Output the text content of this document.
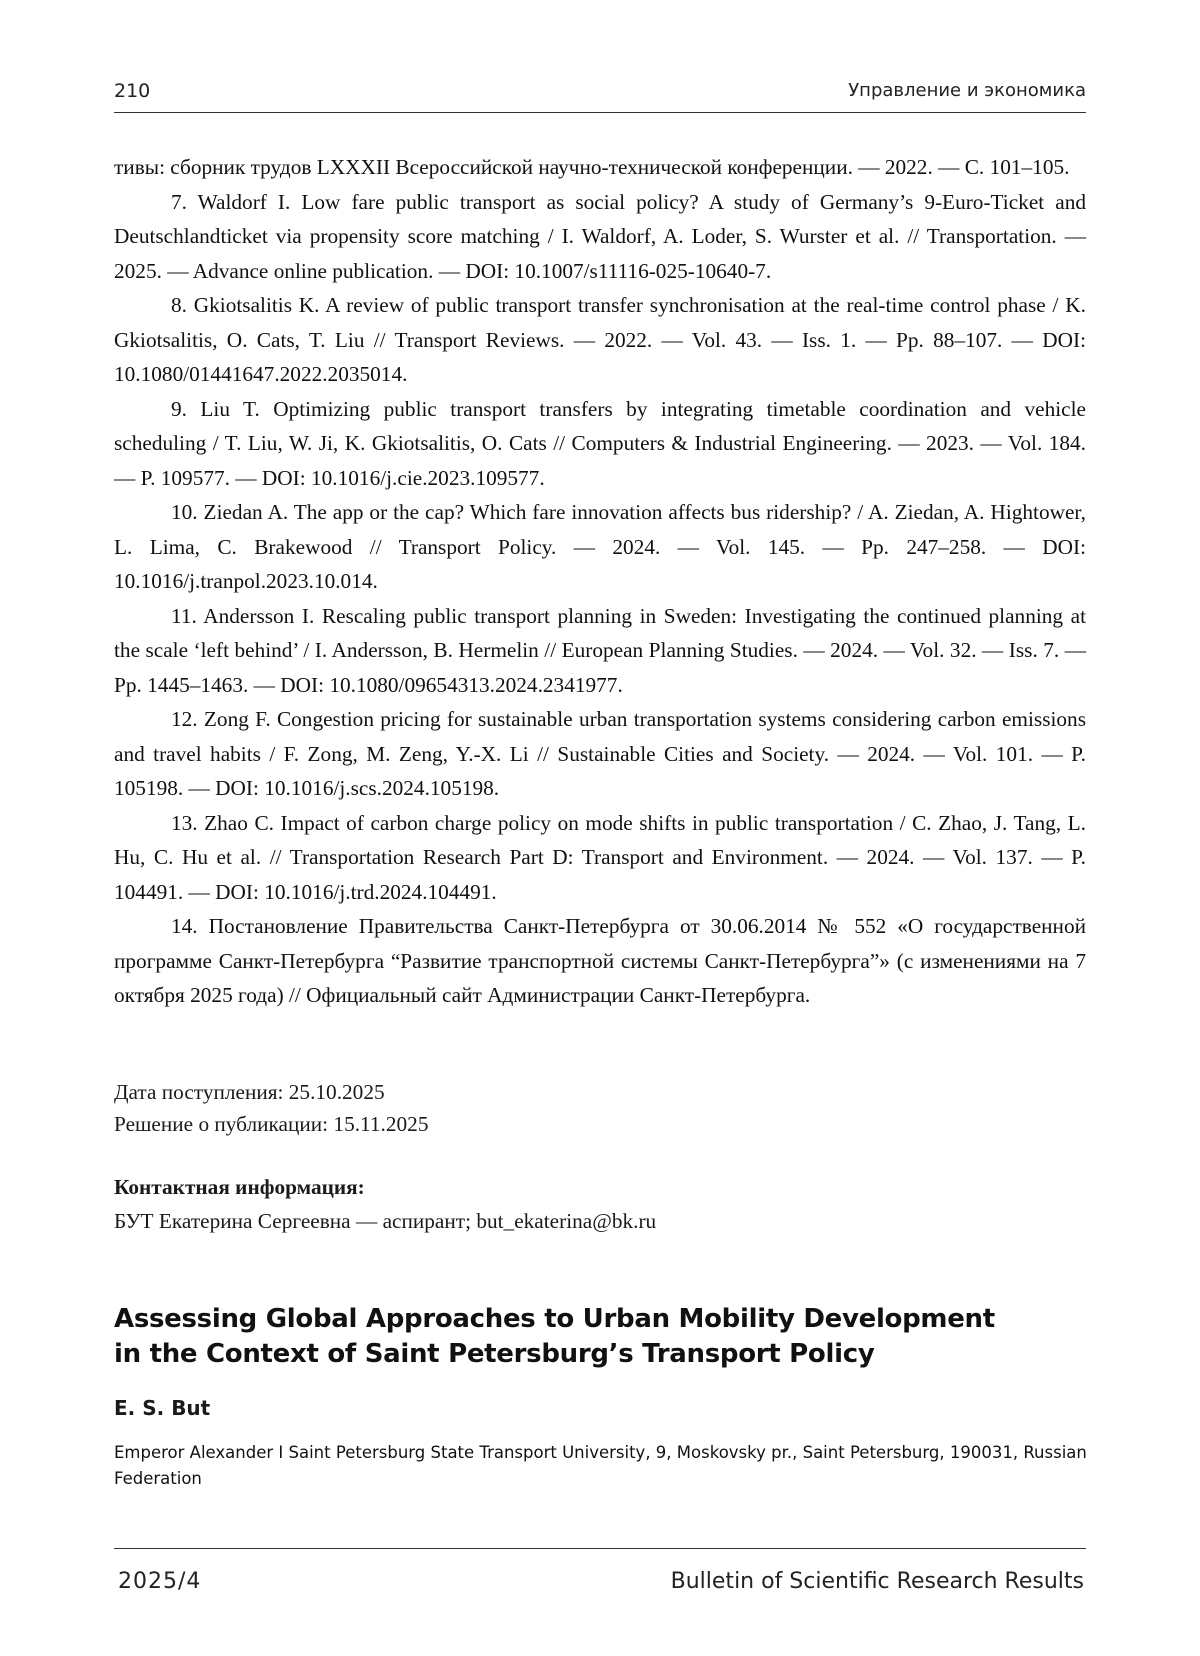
210	Управление и экономика

тивы: сборник трудов LXXXII Всероссийской научно-технической конференции. — 2022. — С. 101–105.

7. Waldorf I. Low fare public transport as social policy? A study of Germany’s 9-Euro-Ticket and Deutschlandticket via propensity score matching / I. Waldorf, A. Loder, S. Wurster et al. // Transportation. — 2025. — Advance online publication. — DOI: 10.1007/s11116-025-10640-7.

8. Gkiotsalitis K. A review of public transport transfer synchronisation at the real-time control phase / K. Gkiotsalitis, O. Cats, T. Liu // Transport Reviews. — 2022. — Vol. 43. — Iss. 1. — Pp. 88–107. — DOI: 10.1080/01441647.2022.2035014.

9. Liu T. Optimizing public transport transfers by integrating timetable coordination and vehicle scheduling / T. Liu, W. Ji, K. Gkiotsalitis, O. Cats // Computers & Industrial Engineering. — 2023. — Vol. 184. — P. 109577. — DOI: 10.1016/j.cie.2023.109577.

10. Ziedan A. The app or the cap? Which fare innovation affects bus ridership? / A. Ziedan, A. Hightower, L. Lima, C. Brakewood // Transport Policy. — 2024. — Vol. 145. — Pp. 247–258. — DOI: 10.1016/j.tranpol.2023.10.014.

11. Andersson I. Rescaling public transport planning in Sweden: Investigating the continued planning at the scale ‘left behind’ / I. Andersson, B. Hermelin // European Planning Studies. — 2024. — Vol. 32. — Iss. 7. — Pp. 1445–1463. — DOI: 10.1080/09654313.2024.2341977.

12. Zong F. Congestion pricing for sustainable urban transportation systems considering carbon emissions and travel habits / F. Zong, M. Zeng, Y.-X. Li // Sustainable Cities and Society. — 2024. — Vol. 101. — P. 105198. — DOI: 10.1016/j.scs.2024.105198.

13. Zhao C. Impact of carbon charge policy on mode shifts in public transportation / C. Zhao, J. Tang, L. Hu, C. Hu et al. // Transportation Research Part D: Transport and Environment. — 2024. — Vol. 137. — P. 104491. — DOI: 10.1016/j.trd.2024.104491.

14. Постановление Правительства Санкт-Петербурга от 30.06.2014 № 552 «О государственной программе Санкт-Петербурга “Развитие транспортной системы Санкт-Петербурга”» (с изменениями на 7 октября 2025 года) // Официальный сайт Администрации Санкт-Петербурга.

Дата поступления: 25.10.2025

Решение о публикации: 15.11.2025

Контактная информация:

БУТ Екатерина Сергеевна — аспирант; but_ekaterina@bk.ru

Assessing Global Approaches to Urban Mobility Development
in the Context of Saint Petersburg’s Transport Policy

E. S. But

Emperor Alexander I Saint Petersburg State Transport University, 9, Moskovsky pr., Saint Petersburg, 190031, Russian Federation

2025/4	Bulletin of Scientific Research Results
